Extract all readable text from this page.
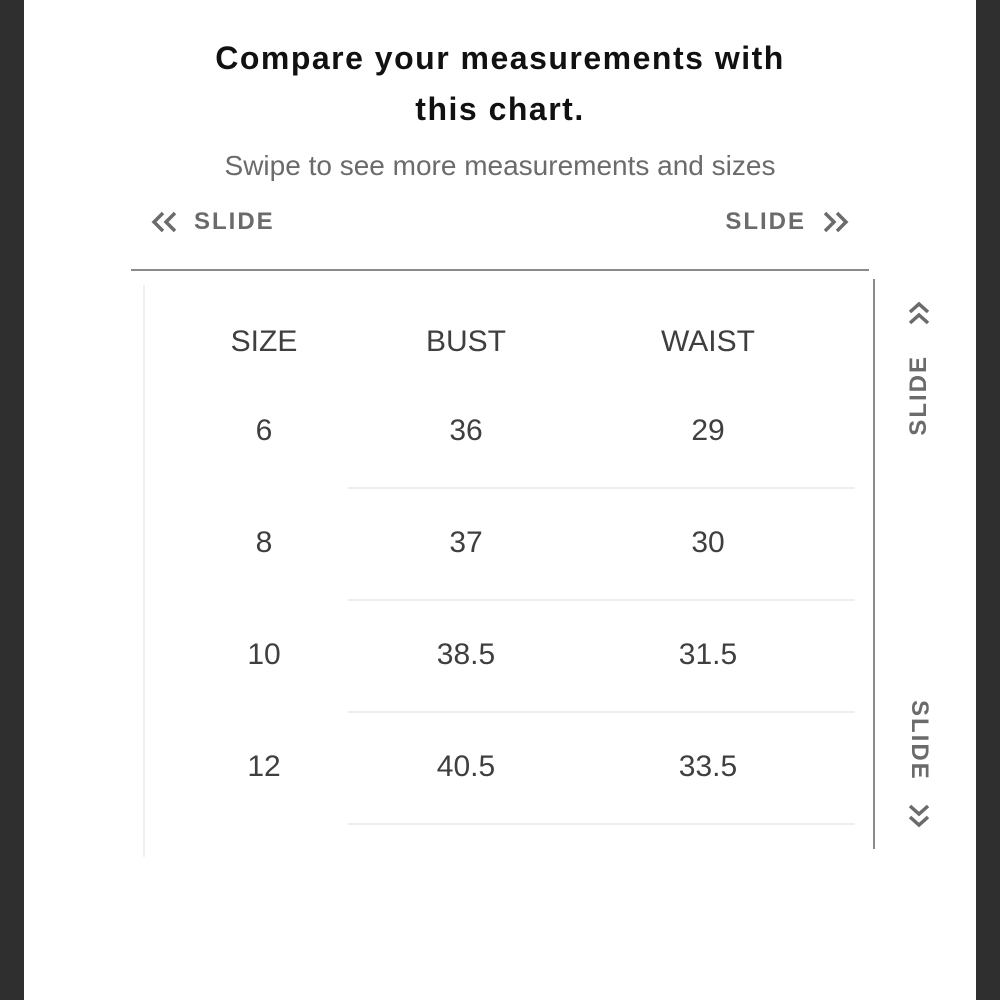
Compare your measurements with
this chart.
Swipe to see more measurements and sizes
SLIDE	SLIDE
SIZE	BUST	WAIST
6	36	29
8	37	30
10	38.5	31.5
12	40.5	33.5
SLIDE
SLIDE
